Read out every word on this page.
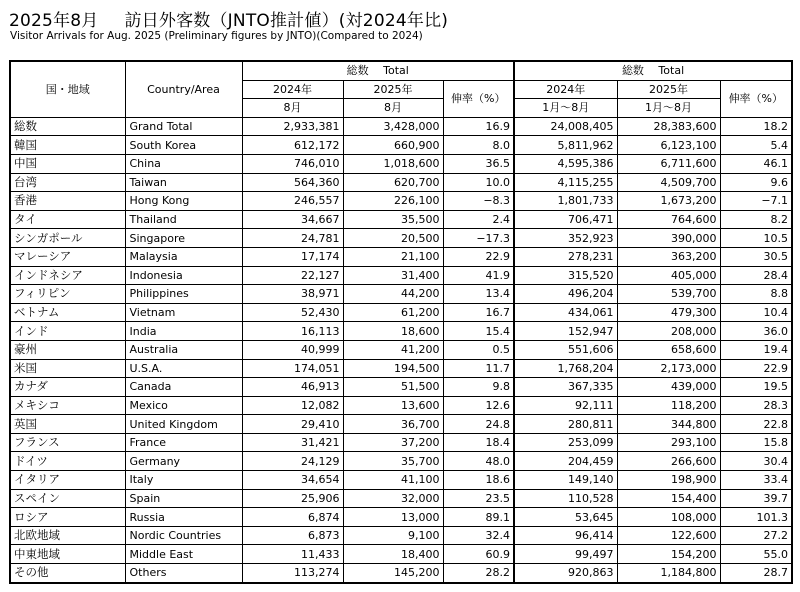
2025年8月 訪日外客数（JNTO推計値）(対2024年比)
Visitor Arrivals for Aug. 2025 (Preliminary figures by JNTO)(Compared to 2024)
国・地域	Country/Area	総数　 Total			総数　 Total		
		2024年	2025年	伸率（%）	2024年	2025年	伸率（%）
		8月	8月		1月～8月	1月～8月	
総数	Grand Total	2,933,381	3,428,000	16.9	24,008,405	28,383,600	18.2
韓国	South Korea	612,172	660,900	8.0	5,811,962	6,123,100	5.4
中国	China	746,010	1,018,600	36.5	4,595,386	6,711,600	46.1
台湾	Taiwan	564,360	620,700	10.0	4,115,255	4,509,700	9.6
香港	Hong Kong	246,557	226,100	−8.3	1,801,733	1,673,200	−7.1
タイ	Thailand	34,667	35,500	2.4	706,471	764,600	8.2
シンガポール	Singapore	24,781	20,500	−17.3	352,923	390,000	10.5
マレーシア	Malaysia	17,174	21,100	22.9	278,231	363,200	30.5
インドネシア	Indonesia	22,127	31,400	41.9	315,520	405,000	28.4
フィリピン	Philippines	38,971	44,200	13.4	496,204	539,700	8.8
ベトナム	Vietnam	52,430	61,200	16.7	434,061	479,300	10.4
インド	India	16,113	18,600	15.4	152,947	208,000	36.0
豪州	Australia	40,999	41,200	0.5	551,606	658,600	19.4
米国	U.S.A.	174,051	194,500	11.7	1,768,204	2,173,000	22.9
カナダ	Canada	46,913	51,500	9.8	367,335	439,000	19.5
メキシコ	Mexico	12,082	13,600	12.6	92,111	118,200	28.3
英国	United Kingdom	29,410	36,700	24.8	280,811	344,800	22.8
フランス	France	31,421	37,200	18.4	253,099	293,100	15.8
ドイツ	Germany	24,129	35,700	48.0	204,459	266,600	30.4
イタリア	Italy	34,654	41,100	18.6	149,140	198,900	33.4
スペイン	Spain	25,906	32,000	23.5	110,528	154,400	39.7
ロシア	Russia	6,874	13,000	89.1	53,645	108,000	101.3
北欧地域	Nordic Countries	6,873	9,100	32.4	96,414	122,600	27.2
中東地域	Middle East	11,433	18,400	60.9	99,497	154,200	55.0
その他	Others	113,274	145,200	28.2	920,863	1,184,800	28.7
